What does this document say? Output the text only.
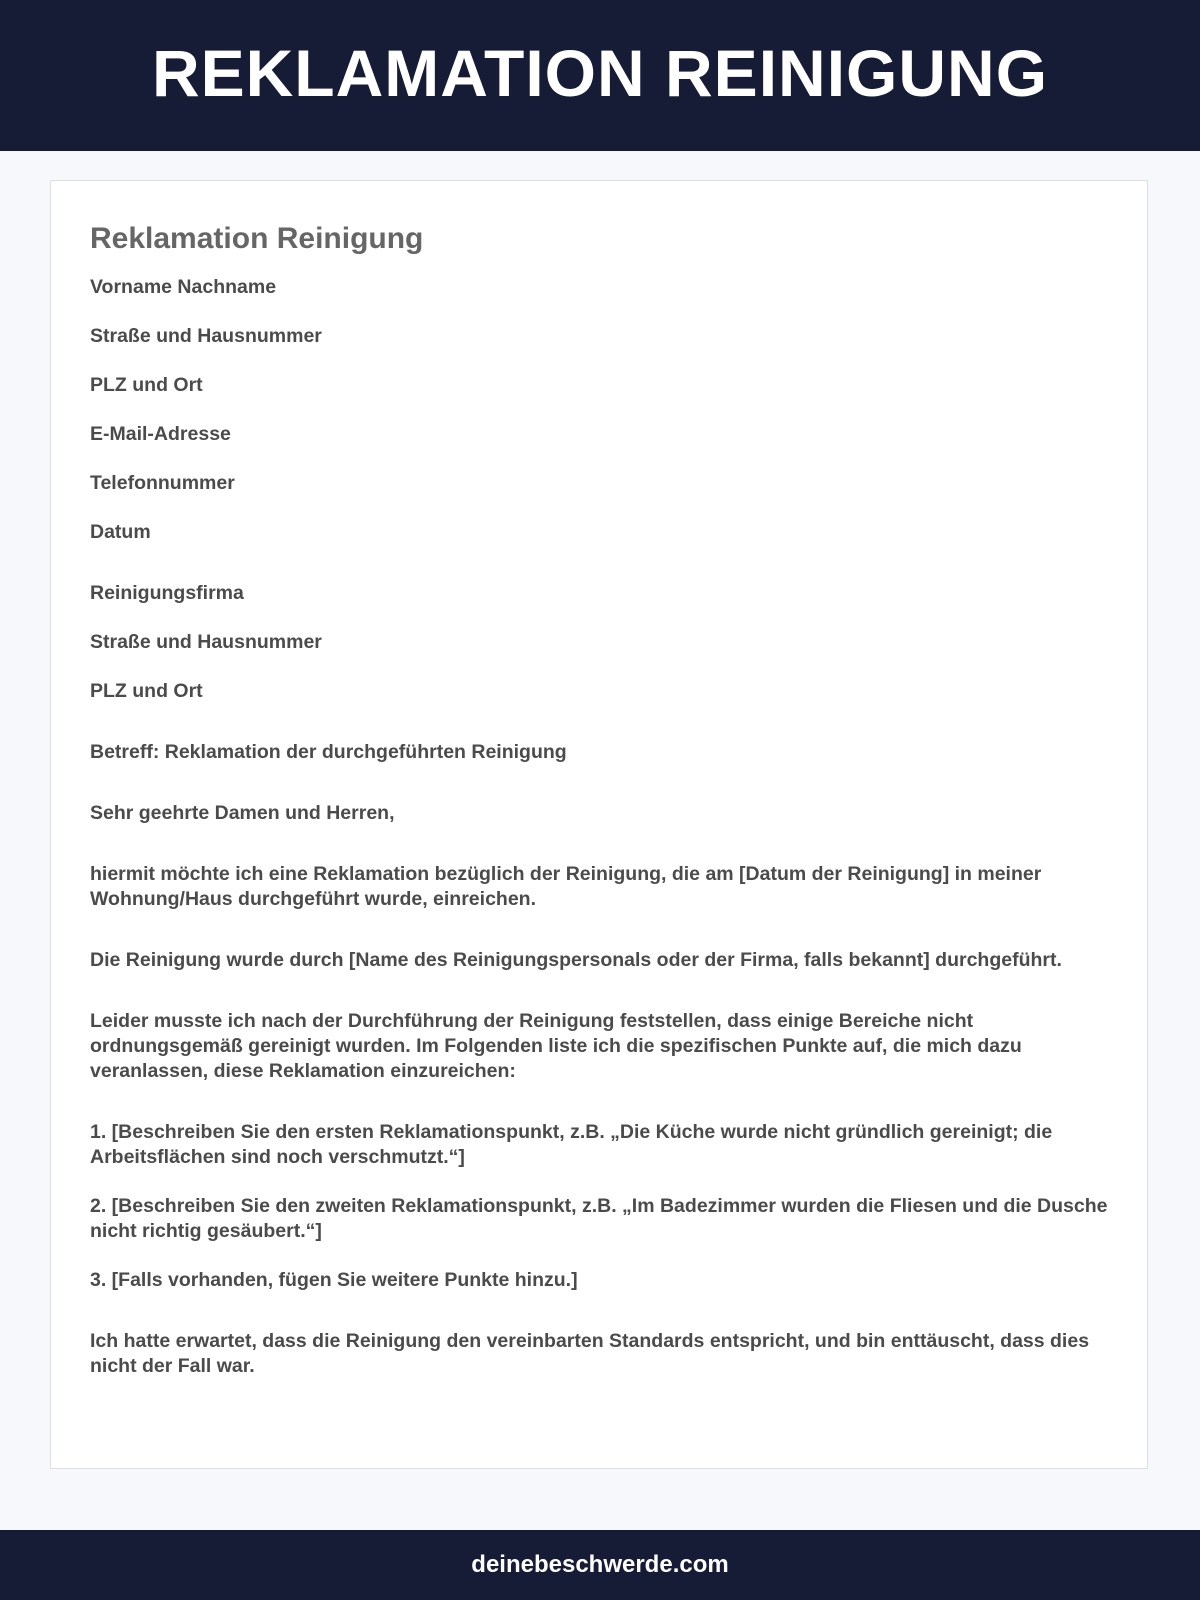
REKLAMATION REINIGUNG
Reklamation Reinigung

Vorname Nachname

Straße und Hausnummer

PLZ und Ort

E-Mail-Adresse

Telefonnummer

Datum

Reinigungsfirma

Straße und Hausnummer

PLZ und Ort

Betreff: Reklamation der durchgeführten Reinigung

Sehr geehrte Damen und Herren,

hiermit möchte ich eine Reklamation bezüglich der Reinigung, die am [Datum der Reinigung] in meiner Wohnung/Haus durchgeführt wurde, einreichen.

Die Reinigung wurde durch [Name des Reinigungspersonals oder der Firma, falls bekannt] durchgeführt.

Leider musste ich nach der Durchführung der Reinigung feststellen, dass einige Bereiche nicht ordnungsgemäß gereinigt wurden. Im Folgenden liste ich die spezifischen Punkte auf, die mich dazu veranlassen, diese Reklamation einzureichen:

1. [Beschreiben Sie den ersten Reklamationspunkt, z.B. „Die Küche wurde nicht gründlich gereinigt; die Arbeitsflächen sind noch verschmutzt.“]

2. [Beschreiben Sie den zweiten Reklamationspunkt, z.B. „Im Badezimmer wurden die Fliesen und die Dusche nicht richtig gesäubert.“]

3. [Falls vorhanden, fügen Sie weitere Punkte hinzu.]

Ich hatte erwartet, dass die Reinigung den vereinbarten Standards entspricht, und bin enttäuscht, dass dies nicht der Fall war.

deinebeschwerde.com
